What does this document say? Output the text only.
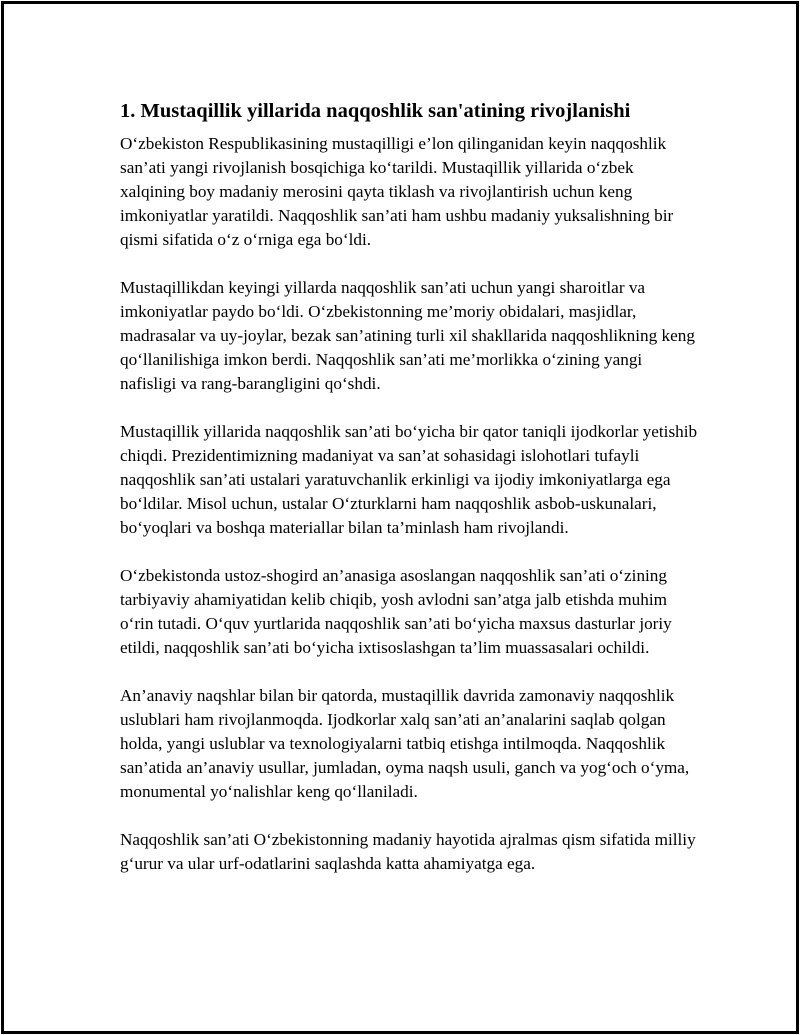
1. Mustaqillik yillarida naqqoshlik san'atining rivojlanishi

O‘zbekiston Respublikasining mustaqilligi e’lon qilinganidan keyin naqqoshlik san’ati yangi rivojlanish bosqichiga ko‘tarildi. Mustaqillik yillarida o‘zbek xalqining boy madaniy merosini qayta tiklash va rivojlantirish uchun keng imkoniyatlar yaratildi. Naqqoshlik san’ati ham ushbu madaniy yuksalishning bir qismi sifatida o‘z o‘rniga ega bo‘ldi.

Mustaqillikdan keyingi yillarda naqqoshlik san’ati uchun yangi sharoitlar va imkoniyatlar paydo bo‘ldi. O‘zbekistonning me’moriy obidalari, masjidlar, madrasalar va uy-joylar, bezak san’atining turli xil shakllarida naqqoshlikning keng qo‘llanilishiga imkon berdi. Naqqoshlik san’ati me’morlikka o‘zining yangi nafisligi va rang-barangligini qo‘shdi.

Mustaqillik yillarida naqqoshlik san’ati bo‘yicha bir qator taniqli ijodkorlar yetishib chiqdi. Prezidentimizning madaniyat va san’at sohasidagi islohotlari tufayli naqqoshlik san’ati ustalari yaratuvchanlik erkinligi va ijodiy imkoniyatlarga ega bo‘ldilar. Misol uchun, ustalar O‘zturklarni ham naqqoshlik asbob-uskunalari, bo‘yoqlari va boshqa materiallar bilan ta’minlash ham rivojlandi.

O‘zbekistonda ustoz-shogird an’anasiga asoslangan naqqoshlik san’ati o‘zining tarbiyaviy ahamiyatidan kelib chiqib, yosh avlodni san’atga jalb etishda muhim o‘rin tutadi. O‘quv yurtlarida naqqoshlik san’ati bo‘yicha maxsus dasturlar joriy etildi, naqqoshlik san’ati bo‘yicha ixtisoslashgan ta’lim muassasalari ochildi.

An’anaviy naqshlar bilan bir qatorda, mustaqillik davrida zamonaviy naqqoshlik uslublari ham rivojlanmoqda. Ijodkorlar xalq san’ati an’analarini saqlab qolgan holda, yangi uslublar va texnologiyalarni tatbiq etishga intilmoqda. Naqqoshlik san’atida an’anaviy usullar, jumladan, oyma naqsh usuli, ganch va yog‘och o‘yma, monumental yo‘nalishlar keng qo‘llaniladi.

Naqqoshlik san’ati O‘zbekistonning madaniy hayotida ajralmas qism sifatida milliy g‘urur va ular urf-odatlarini saqlashda katta ahamiyatga ega.
